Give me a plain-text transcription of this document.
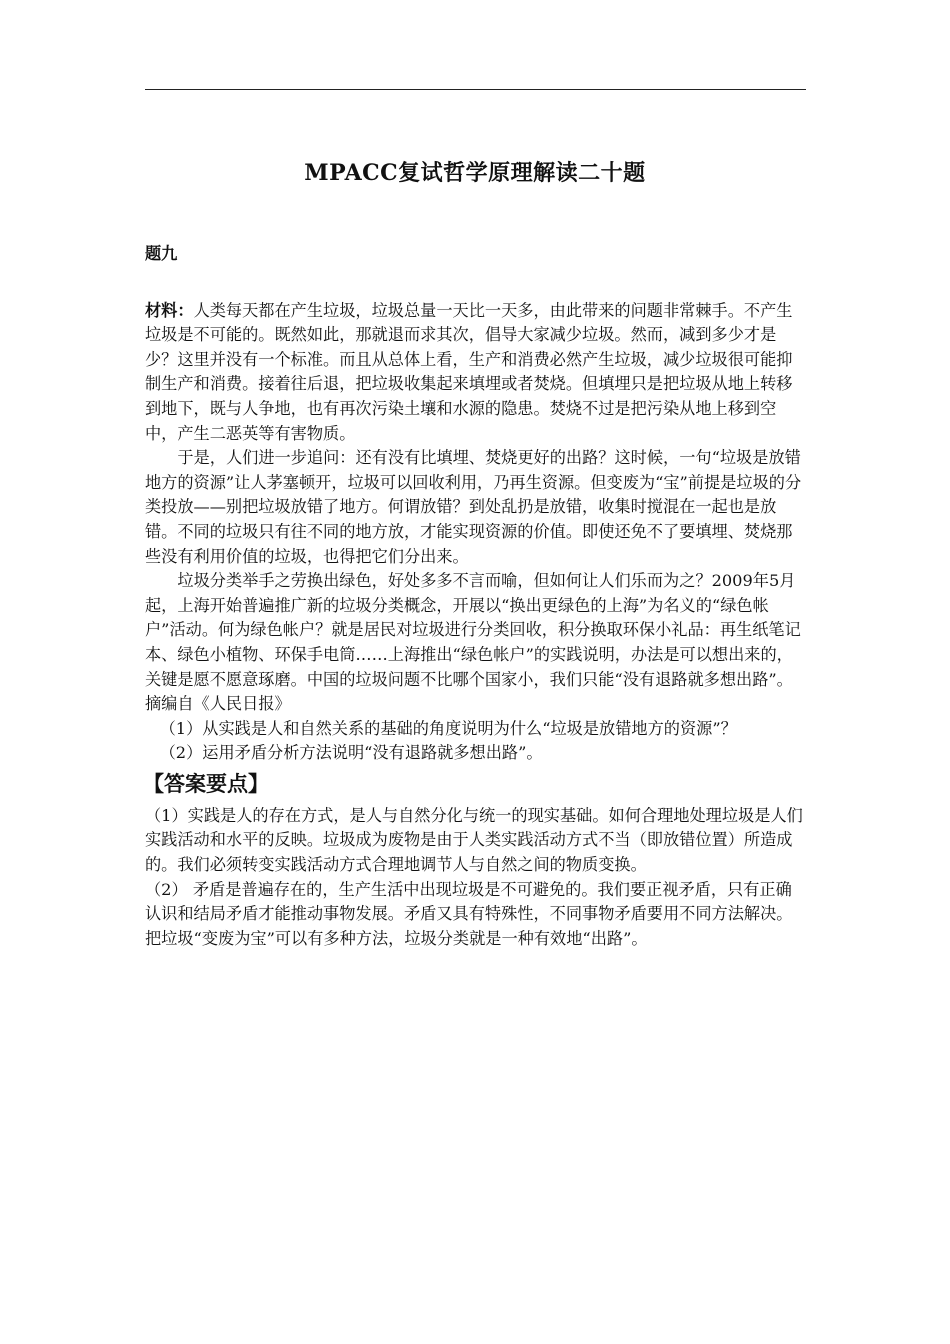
MPACC复试哲学原理解读二十题
题九

材料：人类每天都在产生垃圾，垃圾总量一天比一天多，由此带来的问题非常棘手。不产生垃圾是不可能的。既然如此，那就退而求其次，倡导大家减少垃圾。然而，减到多少才是少？这里并没有一个标准。而且从总体上看，生产和消费必然产生垃圾，减少垃圾很可能抑制生产和消费。接着往后退，把垃圾收集起来填埋或者焚烧。但填埋只是把垃圾从地上转移到地下，既与人争地，也有再次污染土壤和水源的隐患。焚烧不过是把污染从地上移到空中，产生二恶英等有害物质。

于是，人们进一步追问：还有没有比填埋、焚烧更好的出路？这时候，一句“垃圾是放错地方的资源”让人茅塞顿开，垃圾可以回收利用，乃再生资源。但变废为“宝”前提是垃圾的分类投放——别把垃圾放错了地方。何谓放错？到处乱扔是放错，收集时搅混在一起也是放错。不同的垃圾只有往不同的地方放，才能实现资源的价值。即使还免不了要填埋、焚烧那些没有利用价值的垃圾，也得把它们分出来。

垃圾分类举手之劳换出绿色，好处多多不言而喻，但如何让人们乐而为之？2009年5月起，上海开始普遍推广新的垃圾分类概念，开展以“换出更绿色的上海”为名义的“绿色帐户”活动。何为绿色帐户？就是居民对垃圾进行分类回收，积分换取环保小礼品：再生纸笔记本、绿色小植物、环保手电筒……上海推出“绿色帐户”的实践说明，办法是可以想出来的，关键是愿不愿意琢磨。中国的垃圾问题不比哪个国家小，我们只能“没有退路就多想出路”。摘编自《人民日报》

（1）从实践是人和自然关系的基础的角度说明为什么“垃圾是放错地方的资源”？

（2）运用矛盾分析方法说明“没有退路就多想出路”。

【答案要点】

（1）实践是人的存在方式，是人与自然分化与统一的现实基础。如何合理地处理垃圾是人们实践活动和水平的反映。垃圾成为废物是由于人类实践活动方式不当（即放错位置）所造成的。我们必须转变实践活动方式合理地调节人与自然之间的物质变换。

（2） 矛盾是普遍存在的，生产生活中出现垃圾是不可避免的。我们要正视矛盾，只有正确认识和结局矛盾才能推动事物发展。矛盾又具有特殊性，不同事物矛盾要用不同方法解决。把垃圾“变废为宝”可以有多种方法，垃圾分类就是一种有效地“出路”。
